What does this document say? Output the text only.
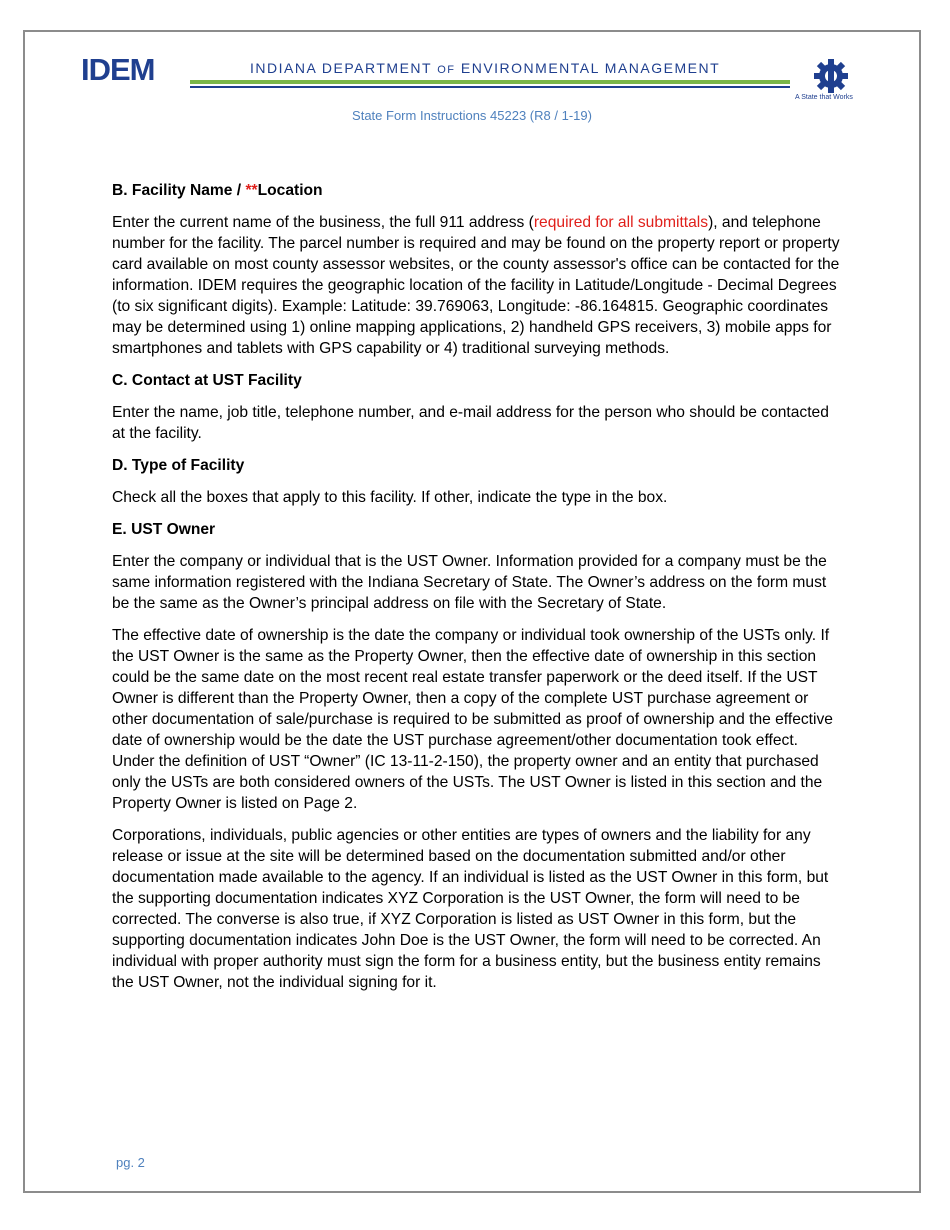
IDEM	INDIANA DEPARTMENT OF ENVIRONMENTAL MANAGEMENT
A State that Works
State Form Instructions 45223 (R8 / 1-19)
B. Facility Name / **Location

Enter the current name of the business, the full 911 address (required for all submittals), and telephone number for the facility. The parcel number is required and may be found on the property report or property card available on most county assessor websites, or the county assessor's office can be contacted for the information. IDEM requires the geographic location of the facility in Latitude/Longitude - Decimal Degrees (to six significant digits). Example: Latitude: 39.769063, Longitude: -86.164815. Geographic coordinates may be determined using 1) online mapping applications, 2) handheld GPS receivers, 3) mobile apps for smartphones and tablets with GPS capability or 4) traditional surveying methods.

C. Contact at UST Facility

Enter the name, job title, telephone number, and e-mail address for the person who should be contacted at the facility.

D. Type of Facility

Check all the boxes that apply to this facility. If other, indicate the type in the box.

E. UST Owner

Enter the company or individual that is the UST Owner. Information provided for a company must be the same information registered with the Indiana Secretary of State. The Owner’s address on the form must be the same as the Owner’s principal address on file with the Secretary of State.

The effective date of ownership is the date the company or individual took ownership of the USTs only. If the UST Owner is the same as the Property Owner, then the effective date of ownership in this section could be the same date on the most recent real estate transfer paperwork or the deed itself. If the UST Owner is different than the Property Owner, then a copy of the complete UST purchase agreement or other documentation of sale/purchase is required to be submitted as proof of ownership and the effective date of ownership would be the date the UST purchase agreement/other documentation took effect. Under the definition of UST “Owner” (IC 13-11-2-150), the property owner and an entity that purchased only the USTs are both considered owners of the USTs. The UST Owner is listed in this section and the Property Owner is listed on Page 2.

Corporations, individuals, public agencies or other entities are types of owners and the liability for any release or issue at the site will be determined based on the documentation submitted and/or other documentation made available to the agency. If an individual is listed as the UST Owner in this form, but the supporting documentation indicates XYZ Corporation is the UST Owner, the form will need to be corrected. The converse is also true, if XYZ Corporation is listed as UST Owner in this form, but the supporting documentation indicates John Doe is the UST Owner, the form will need to be corrected. An individual with proper authority must sign the form for a business entity, but the business entity remains the UST Owner, not the individual signing for it.

pg. 2
